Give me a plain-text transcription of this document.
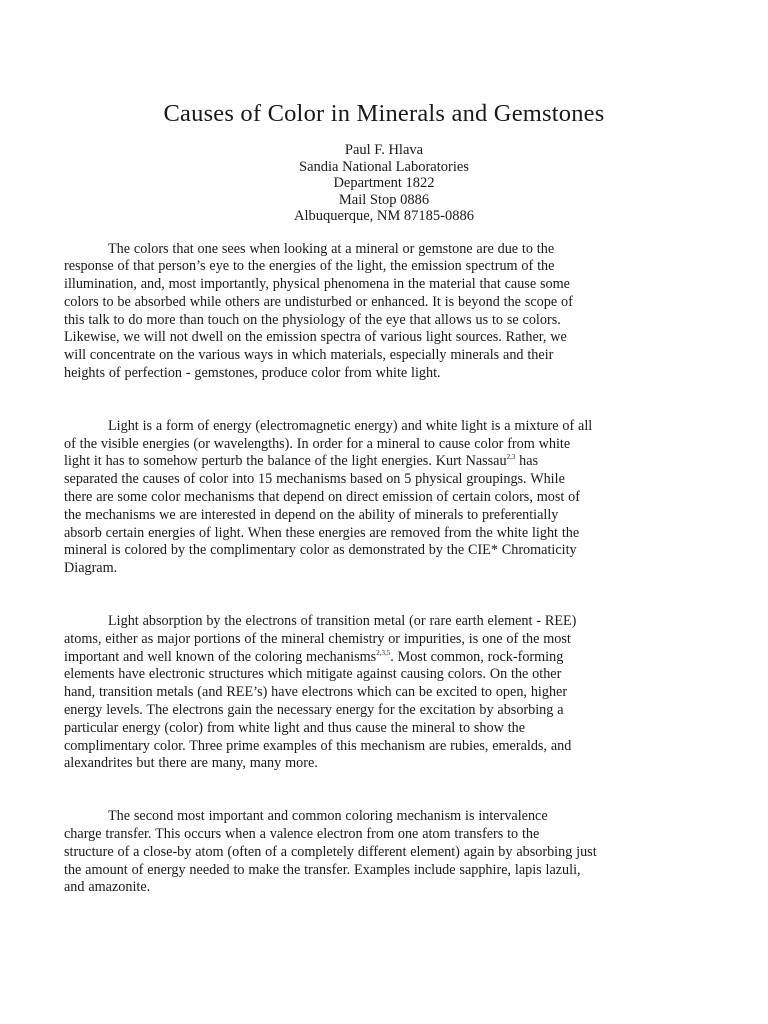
Causes of Color in Minerals and Gemstones
Paul F. Hlava
Sandia National Laboratories
Department 1822
Mail Stop 0886
Albuquerque, NM 87185-0886

The colors that one sees when looking at a mineral or gemstone are due to the
response of that person’s eye to the energies of the light, the emission spectrum of the
illumination, and, most importantly, physical phenomena in the material that cause some
colors to be absorbed while others are undisturbed or enhanced. It is beyond the scope of
this talk to do more than touch on the physiology of the eye that allows us to se colors.
Likewise, we will not dwell on the emission spectra of various light sources. Rather, we
will concentrate on the various ways in which materials, especially minerals and their
heights of perfection - gemstones, produce color from white light.

Light is a form of energy (electromagnetic energy) and white light is a mixture of all
of the visible energies (or wavelengths). In order for a mineral to cause color from white
light it has to somehow perturb the balance of the light energies. Kurt Nassau$^{2,3}$ has
separated the causes of color into 15 mechanisms based on 5 physical groupings. While
there are some color mechanisms that depend on direct emission of certain colors, most of
the mechanisms we are interested in depend on the ability of minerals to preferentially
absorb certain energies of light. When these energies are removed from the white light the
mineral is colored by the complimentary color as demonstrated by the CIE* Chromaticity
Diagram.

Light absorption by the electrons of transition metal (or rare earth element - REE)
atoms, either as major portions of the mineral chemistry or impurities, is one of the most
important and well known of the coloring mechanisms$^{2,3,5}$. Most common, rock-forming
elements have electronic structures which mitigate against causing colors. On the other
hand, transition metals (and REE’s) have electrons which can be excited to open, higher
energy levels. The electrons gain the necessary energy for the excitation by absorbing a
particular energy (color) from white light and thus cause the mineral to show the
complimentary color. Three prime examples of this mechanism are rubies, emeralds, and
alexandrites but there are many, many more.

The second most important and common coloring mechanism is intervalence
charge transfer. This occurs when a valence electron from one atom transfers to the
structure of a close-by atom (often of a completely different element) again by absorbing just
the amount of energy needed to make the transfer. Examples include sapphire, lapis lazuli,
and amazonite.
